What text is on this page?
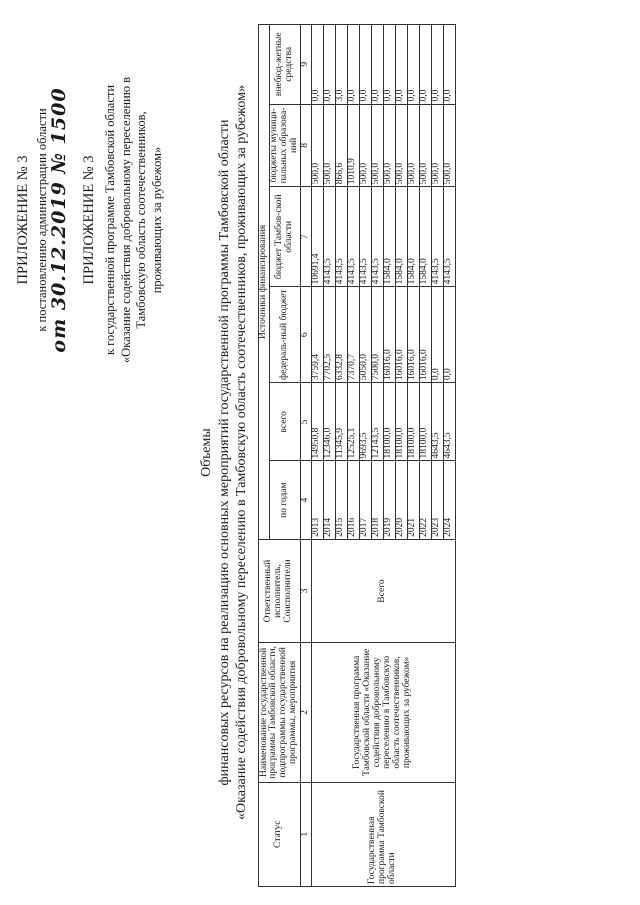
ПРИЛОЖЕНИЕ № 3 к постановлению администрации области от 30.12.2019 № 1500 ПРИЛОЖЕНИЕ № 3 к государственной программе Тамбовской области «Оказание содействия добровольному переселению в Тамбовскую область соотечественников, проживающих за рубежом»
Объемы финансовых ресурсов на реализацию основных мероприятий государственной программы Тамбовской области «Оказание содействия добровольному переселению в Тамбовскую область соотечественников, проживающих за рубежом»
Статус	Наименование государственной программы Тамбовской области, подпрограммы государственной программы, мероприятия	Ответственный исполнитель, Соисполнители	Источники финансирования					
			по годам	всего	федераль-ный бюджет	бюджет Тамбов-ской области	бюджеты муници-пальных образова-ний	внебюд-жетные средства
1	2	3	4	5	6	7	8	9
Государственная программа Тамбовской области	Государственная программа Тамбовской области «Оказание содействия добровольному переселению в Тамбовскую область соотечественников, проживающих за рубежом»	Всего	2013	14950,8	3759,4	10691,4	500,0	0,0
			2014	12346,0	7702,5	4143,5	500,0	0,0
			2015	11345,9	6332,8	4143,5	866,6	3,0
			2016	12525,1	7370,7	4143,5	1010,9	0,0
			2017	9693,5	5050,0	4143,5	500,0	0,0
			2018	12143,5	7500,0	4143,5	500,0	0,0
			2019	18100,0	16016,0	1584,0	500,0	0,0
			2020	18100,0	16016,0	1584,0	500,0	0,0
			2021	18100,0	16016,0	1584,0	500,0	0,0
			2022	18100,0	16016,0	1584,0	500,0	0,0
			2023	4643,5	0,0	4143,5	500,0	0,0
			2024	4643,5	0,0	4143,5	500,0	0,0
